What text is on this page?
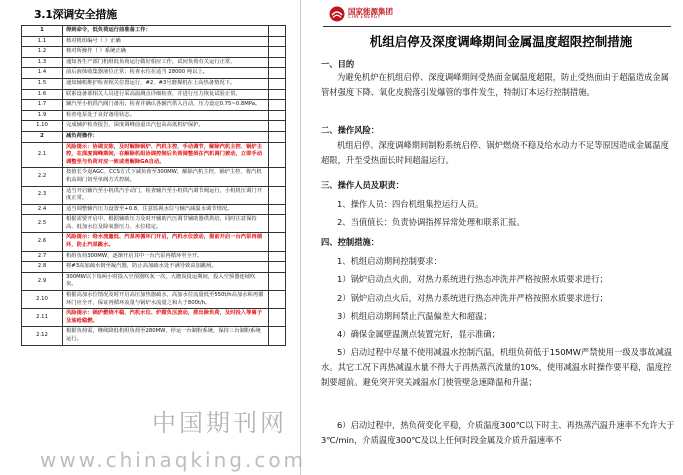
3.1深调安全措施
1	得到命令，低负荷运行前准备工作：	
1.1	核对机组编号（ ）正确	
1.2	核对所操作（ ）系统正确	
1.3	通知各生产部门机组低负荷运行做好相应工作，试问负荷有关运行正常，	
1.4	前后液体收集器液位正常；检查水位在适当 28000 吨以上。	
1.5	通知辅机维护检查相关位置运行，#2、#3号磨煤机在上高热备情况下。	
1.6	联系设备部相关人员进行采高温测点详细检查，并进行压力恢复试验正常。	
1.7	辅汽至小机供汽阀门备用；检查并确认各辅汽供入自动，压力设定0.75~0.8MPa。	
1.9	检查电泵处于良好备用状态。	
1.10	完成辅护检查报告，深度调峰前退出汽包高高低机炉保护。	
2	减负荷操作：	
2.1	风险提示：协调友陈，及时解除锅炉、汽机主控，手动调节，解除汽机主控、锅炉主控，在深度调峰期间，在解除机组协调控制后负荷调整须在汽机调门被动，立即手动调整至与负荷对应一致或者解除GA自动。	
2.2	按值长令退AGC、CCS方式下减负荷至300MW，解除汽机主控，锅炉主控，将汽机机高调门切至单阀方式控制。	
2.3	适当开启辅汽至小机供汽手动门，检查辅汽至小机供汽调节阀运行，小机机压调门开度正常。	
2.4	适当调整辅汽压力设置至+0.8，注意监视水位与辅汽减温水调节情况。	
2.5	根据需要开启中、根据辅助压力及时开辅助汽压调节辅助器供供给，同时注意保持高、低加水位及除氧器压力、水位稳定。	
2.6	风险提示：给水流量低、汽泵再循环门开启，汽机水位波动，提前开启一台汽泵再循环，防止汽泵跳水。	
2.7	机组负荷300MW，逐渐开启其中一台汽泵再循环至全开。	
2.8	将#3高加疏水倒至凝汽器，防止高加疏水处不满导致高加跳闸。	
2.9	300MW以下每两小时投入空预器吹灰一次，大磨炭投运期间，投入空预器连续吹灰。	
2.10	根据高加水位情况及时开启高压加热器疏水，高加水位流量低至550t/h高加水和再循环门应全开，保证再循环流量与锅炉水流量之和大于800t/h。	
2.11	风险提示：锅炉燃烧不稳、汽机水位、炉膛负压波动，排出除负荷，及时投入等离子及油枪稳燃。	
2.12	根据负荷需，继续降低机组负荷至280MW，停运一台制粉系统，保持三台制粉系统运行。	
国家能源集团
CHN ENERGY
机组启停及深度调峰期间金属温度超限控制措施
一、目的
为避免机炉在机组启停、深度调峰期间受热面金属温度超限，防止受热面由于超温造成金属管材强度下降、氧化皮脱落引发爆管的事件发生，特制订本运行控制措施。
二、操作风险：
机组启停、深度调峰期间制粉系统启停、锅炉燃烧不稳及给水动力不足等原因造成金属温度超限，升至受热面长时间超温运行。
三、操作人员及职责：
1、操作人员：四台机组集控运行人员。
2、当值值长：负责协调指挥异常处理和联系汇报。
四、控制措施：
1、机组启动期间控制要求：
1）锅炉启动点火前，对热力系统进行热态冲洗并严格按照水质要求进行；
2）锅炉启动点火后，对热力系统进行热态冲洗并严格按照水质要求进行；
3）机组启动期间禁止汽温偏差大和超温；
4）确保金属壁温测点装置完好，显示准确；
5）启动过程中尽量不使用减温水控制汽温，机组负荷低于150MW严禁使用一级及事故减温水。其它工况下再热减温水量不得大于再热蒸汽流量的10%，使用减温水时操作要平稳，温度控制要超前。避免突开突关减温水门使管壁急速降温和升温；
6）启动过程中，热负荷变化平稳，介质温度300℃以下时主、再热蒸汽温升速率不允许大于3℃/min，介质温度300℃及以上任何时段金属及介质升温速率不
中国期刊网
www.chinaqking.com
